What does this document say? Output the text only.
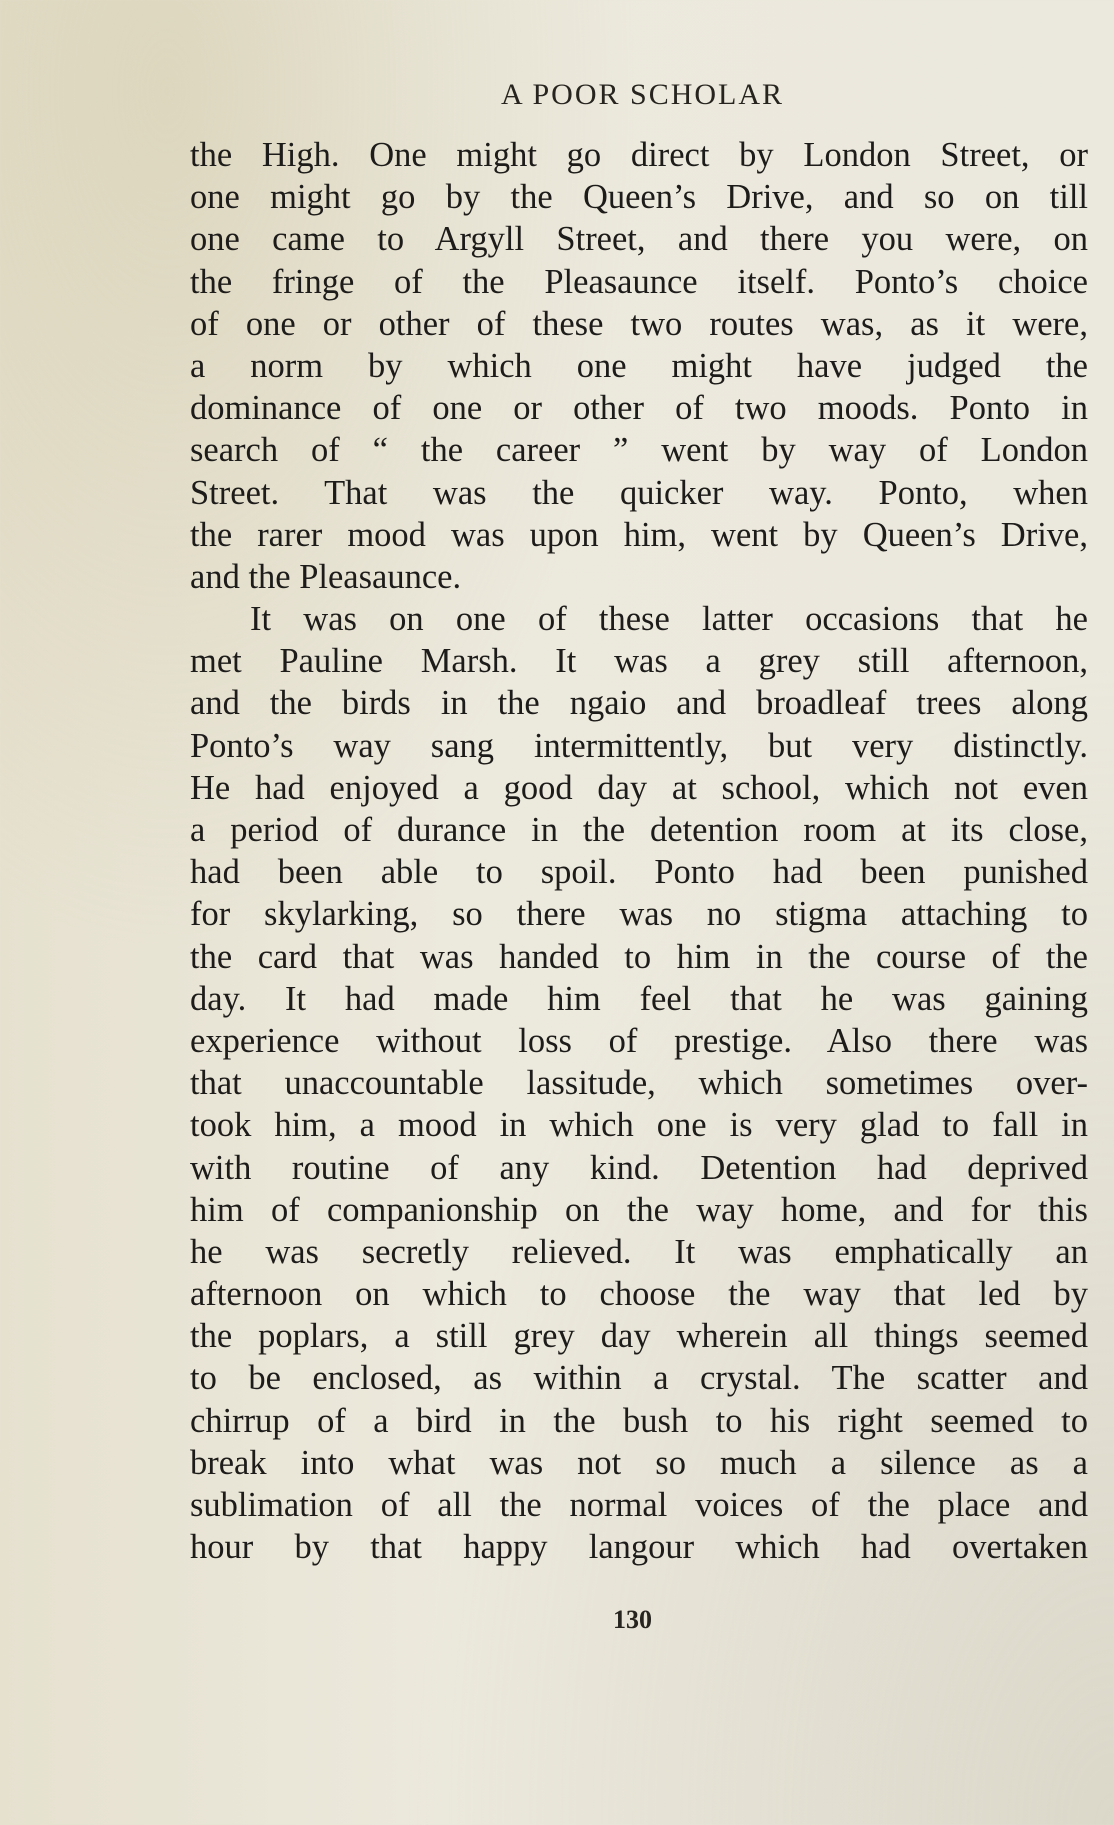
A POOR SCHOLAR
the High. One might go direct by London Street, or
one might go by the Queen’s Drive, and so on till
one came to Argyll Street, and there you were, on
the fringe of the Pleasaunce itself. Ponto’s choice
of one or other of these two routes was, as it were,
a norm by which one might have judged the
dominance of one or other of two moods. Ponto in
search of “ the career ” went by way of London
Street. That was the quicker way. Ponto, when
the rarer mood was upon him, went by Queen’s Drive,
and the Pleasaunce.
It was on one of these latter occasions that he
met Pauline Marsh. It was a grey still afternoon,
and the birds in the ngaio and broadleaf trees along
Ponto’s way sang intermittently, but very distinctly.
He had enjoyed a good day at school, which not even
a period of durance in the detention room at its close,
had been able to spoil. Ponto had been punished
for skylarking, so there was no stigma attaching to
the card that was handed to him in the course of the
day. It had made him feel that he was gaining
experience without loss of prestige. Also there was
that unaccountable lassitude, which sometimes over-
took him, a mood in which one is very glad to fall in
with routine of any kind. Detention had deprived
him of companionship on the way home, and for this
he was secretly relieved. It was emphatically an
afternoon on which to choose the way that led by
the poplars, a still grey day wherein all things seemed
to be enclosed, as within a crystal. The scatter and
chirrup of a bird in the bush to his right seemed to
break into what was not so much a silence as a
sublimation of all the normal voices of the place and
hour by that happy langour which had overtaken
130
